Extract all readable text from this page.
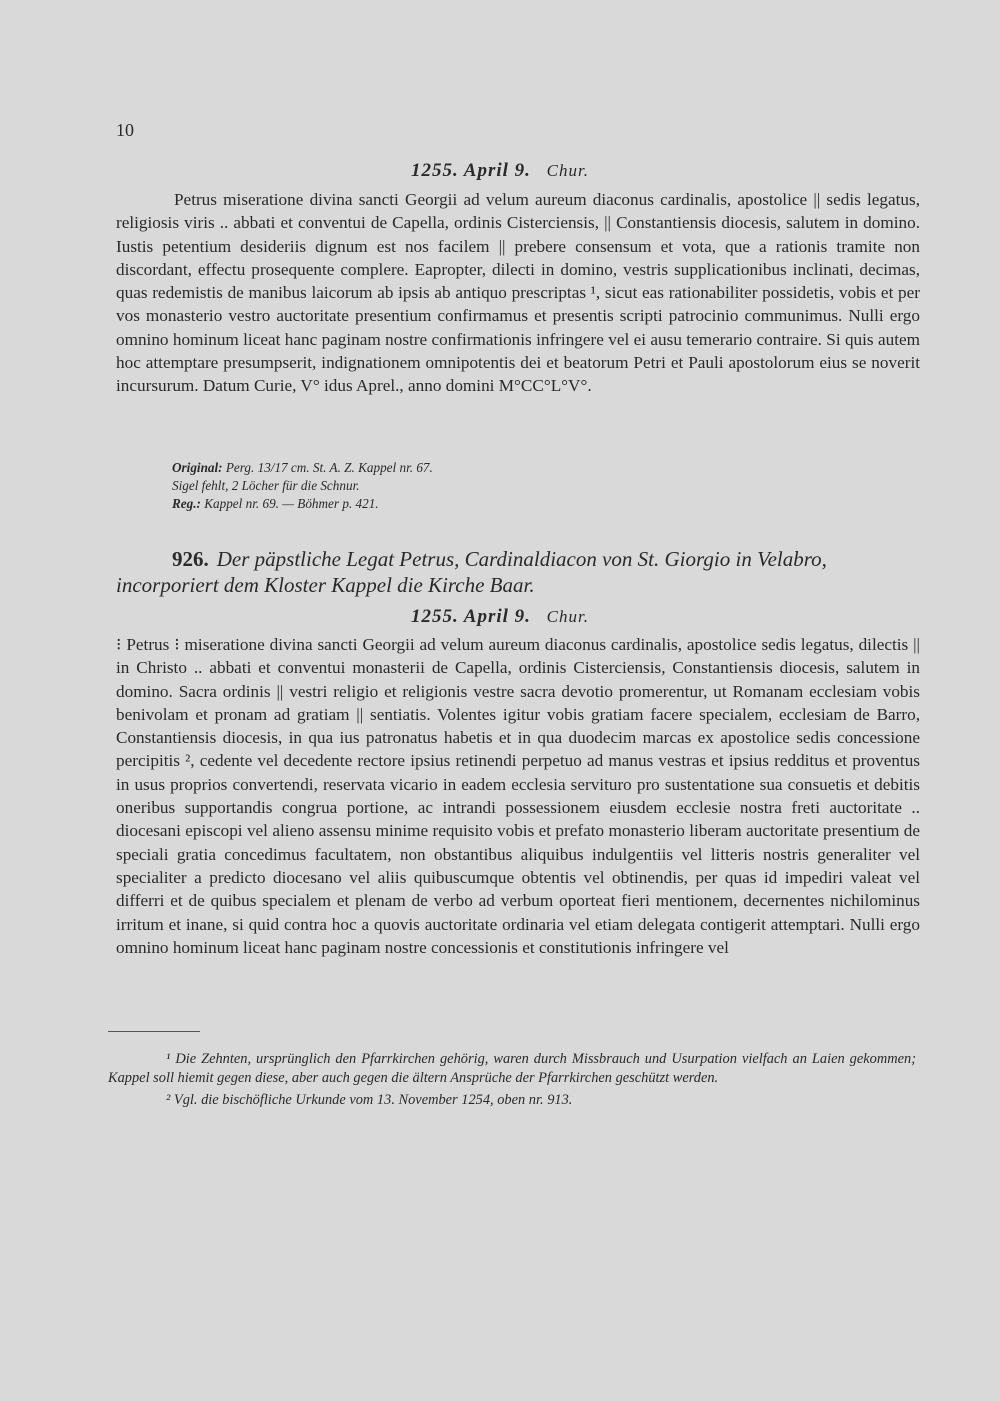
10
1255. April 9. Chur.

Petrus miseratione divina sancti Georgii ad velum aureum diaconus cardinalis, apostolice || sedis legatus, religiosis viris .. abbati et conventui de Capella, ordinis Cisterciensis, || Constantiensis diocesis, salutem in domino. Iustis petentium desideriis dignum est nos facilem || prebere consensum et vota, que a rationis tramite non discordant, effectu prosequente complere. Eapropter, dilecti in domino, vestris supplicationibus inclinati, decimas, quas redemistis de manibus laicorum ab ipsis ab antiquo prescriptas ¹, sicut eas rationabiliter possidetis, vobis et per vos monasterio vestro auctoritate presentium confirmamus et presentis scripti patrocinio communimus. Nulli ergo omnino hominum liceat hanc paginam nostre confirmationis infringere vel ei ausu temerario contraire. Si quis autem hoc attemptare presumpserit, indignationem omnipotentis dei et beatorum Petri et Pauli apostolorum eius se noverit incursurum. Datum Curie, V° idus Aprel., anno domini M°CC°L°V°.

Original: Perg. 13/17 cm. St. A. Z. Kappel nr. 67.
Sigel fehlt, 2 Löcher für die Schnur.
Reg.: Kappel nr. 69. — Böhmer p. 421.
926. Der päpstliche Legat Petrus, Cardinaldiacon von St. Giorgio in Velabro, incorporiert dem Kloster Kappel die Kirche Baar.
1255. April 9. Chur.

⁝ Petrus ⁝ miseratione divina sancti Georgii ad velum aureum diaconus cardinalis, apostolice sedis legatus, dilectis || in Christo .. abbati et conventui monasterii de Capella, ordinis Cisterciensis, Constantiensis diocesis, salutem in domino. Sacra ordinis || vestri religio et religionis vestre sacra devotio promerentur, ut Romanam ecclesiam vobis benivolam et pronam ad gratiam || sentiatis. Volentes igitur vobis gratiam facere specialem, ecclesiam de Barro, Constantiensis diocesis, in qua ius patronatus habetis et in qua duodecim marcas ex apostolice sedis concessione percipitis ², cedente vel decedente rectore ipsius retinendi perpetuo ad manus vestras et ipsius redditus et proventus in usus proprios convertendi, reservata vicario in eadem ecclesia servituro pro sustentatione sua consuetis et debitis oneribus supportandis congrua portione, ac intrandi possessionem eiusdem ecclesie nostra freti auctoritate .. diocesani episcopi vel alieno assensu minime requisito vobis et prefato monasterio liberam auctoritate presentium de speciali gratia concedimus facultatem, non obstantibus aliquibus indulgentiis vel litteris nostris generaliter vel specialiter a predicto diocesano vel aliis quibuscumque obtentis vel obtinendis, per quas id impediri valeat vel differri et de quibus specialem et plenam de verbo ad verbum oporteat fieri mentionem, decernentes nichilominus irritum et inane, si quid contra hoc a quovis auctoritate ordinaria vel etiam delegata contigerit attemptari. Nulli ergo omnino hominum liceat hanc paginam nostre concessionis et constitutionis infringere vel

¹ Die Zehnten, ursprünglich den Pfarrkirchen gehörig, waren durch Missbrauch und Usurpation vielfach an Laien gekommen; Kappel soll hiemit gegen diese, aber auch gegen die ältern Ansprüche der Pfarrkirchen geschützt werden.

² Vgl. die bischöfliche Urkunde vom 13. November 1254, oben nr. 913.
